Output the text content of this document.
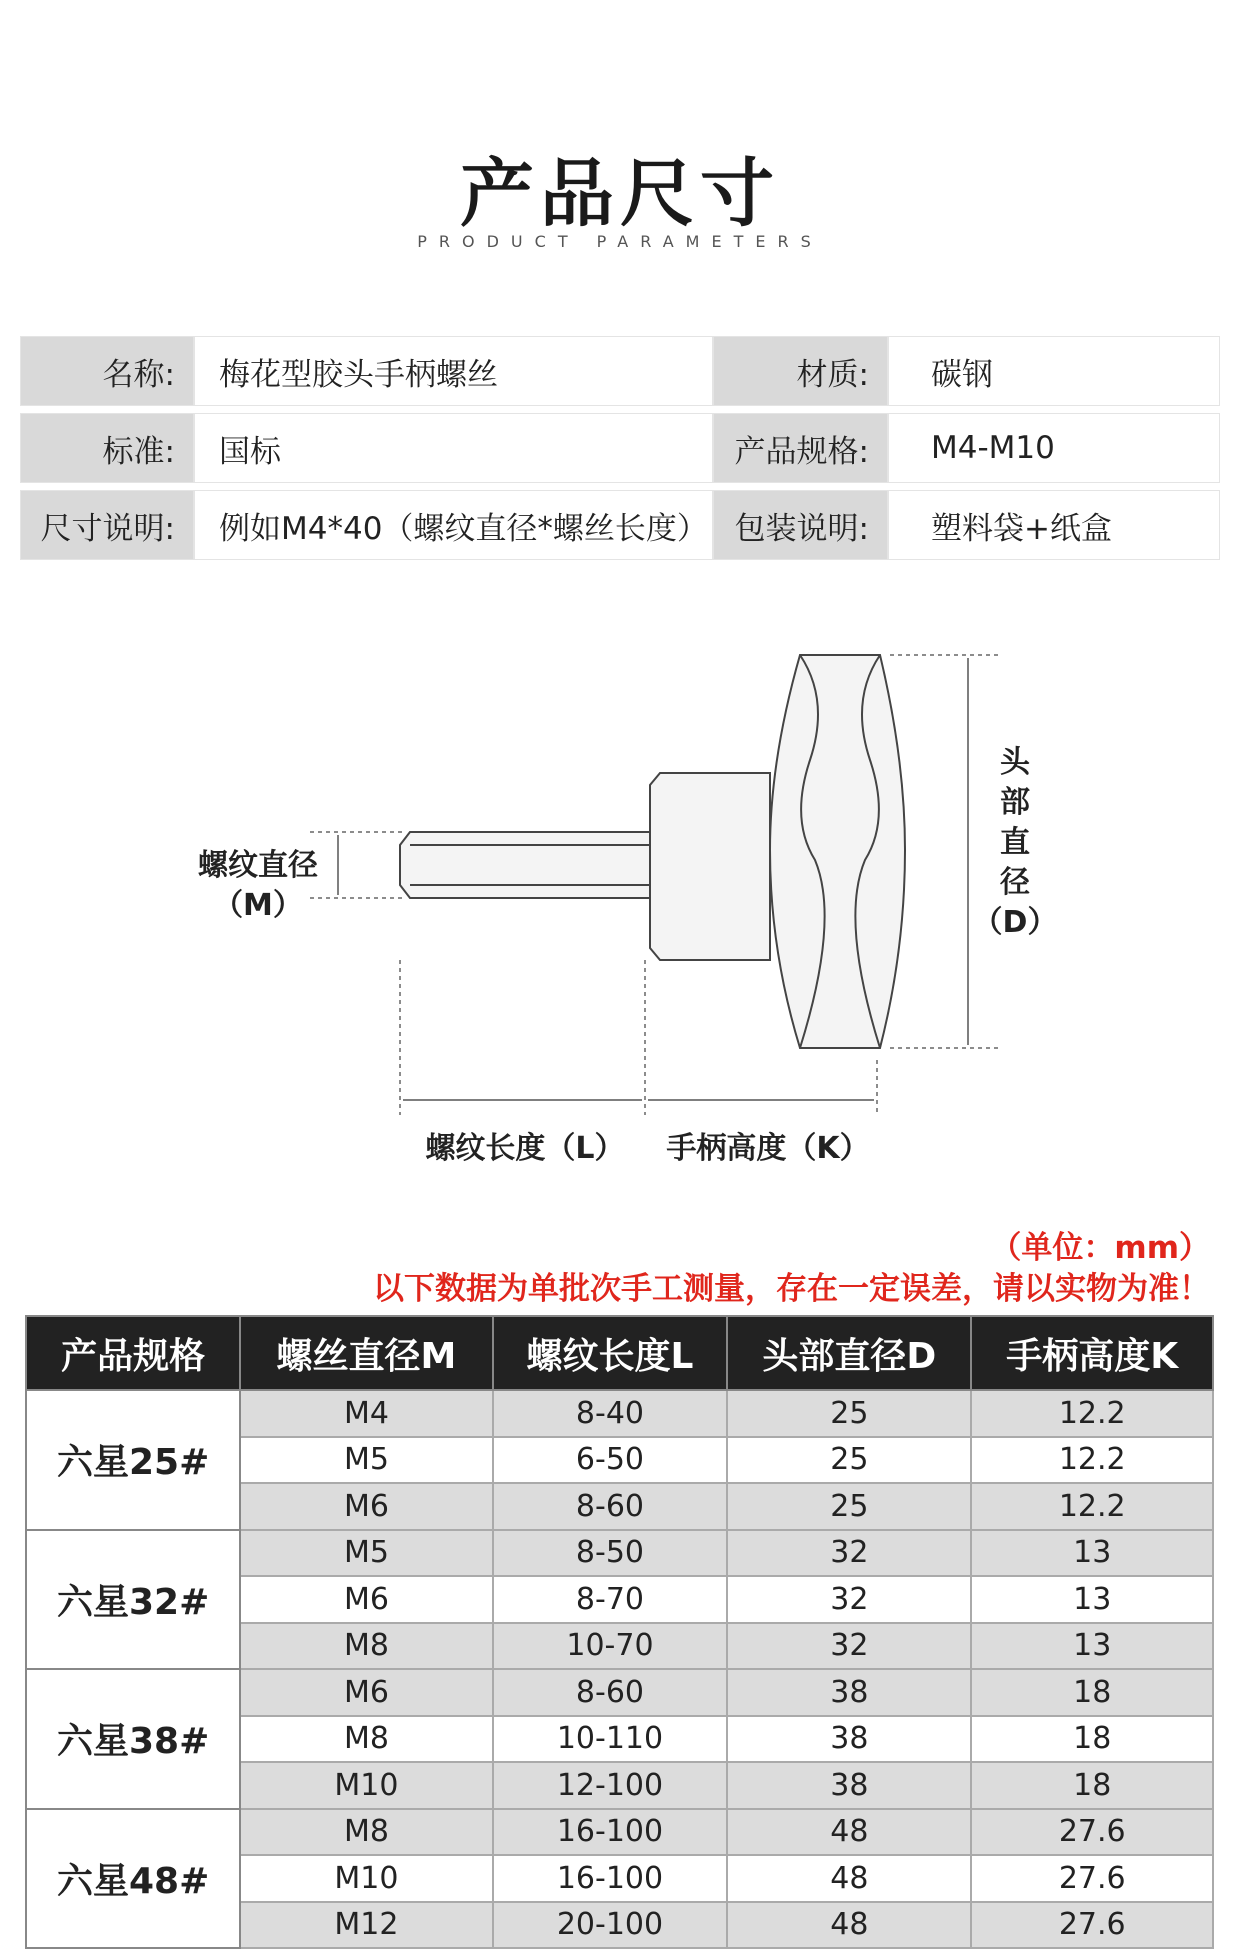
产品尺寸
PRODUCT PARAMETERS
名称:	梅花型胶头手柄螺丝	材质:	碳钢
标准:	国标	产品规格:	M4-M10
尺寸说明:	例如M4*40（螺纹直径*螺丝长度） 包装说明:	塑料袋+纸盒
螺纹直径
（M）
头
部
直
径
（D）
螺纹长度（L） 手柄高度（K）
（单位：mm）
以下数据为单批次手工测量，存在一定误差，请以实物为准！
产品规格	螺丝直径M	螺纹长度L	头部直径D	手柄高度K
六星25#	M4	8-40	25	12.2
	M5	6-50	25	12.2
	M6	8-60	25	12.2
六星32#	M5	8-50	32	13
	M6	8-70	32	13
	M8	10-70	32	13
六星38#	M6	8-60	38	18
	M8	10-110	38	18
	M10	12-100	38	18
六星48#	M8	16-100	48	27.6
	M10	16-100	48	27.6
	M12	20-100	48	27.6
